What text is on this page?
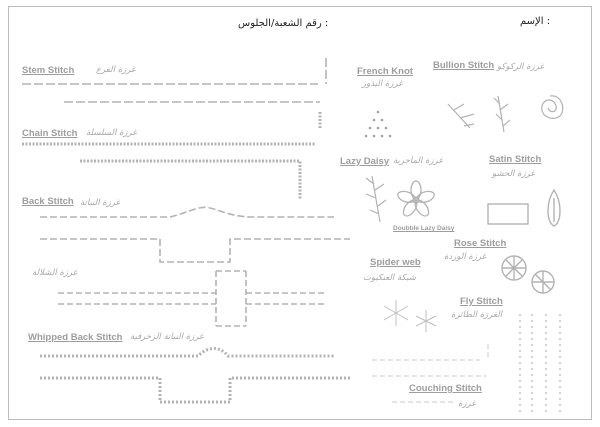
الإسم :
رقم الشعبة/الجلوس :
Stem Stitch	غرزة الفرع
Chain Stitch غرزة السلسلة
Back Stitch غرزة النباتة
غرزة الشلالة
Whipped Back Stitch غرزة النباتة الزخرفية
French Knot
غرزة البذور
Bullion Stitch غرزة الركوكو
Lazy Daisy غرزة الماجرية
Doubble Lazy Daisy
Satin Stitch
غرزة الحشو
Rose Stitch
غرزة الوردة
Spider web
شبكة العنكبوت
Fly Stitch
الغرزة الطائرة
Couching Stitch
غرزة
